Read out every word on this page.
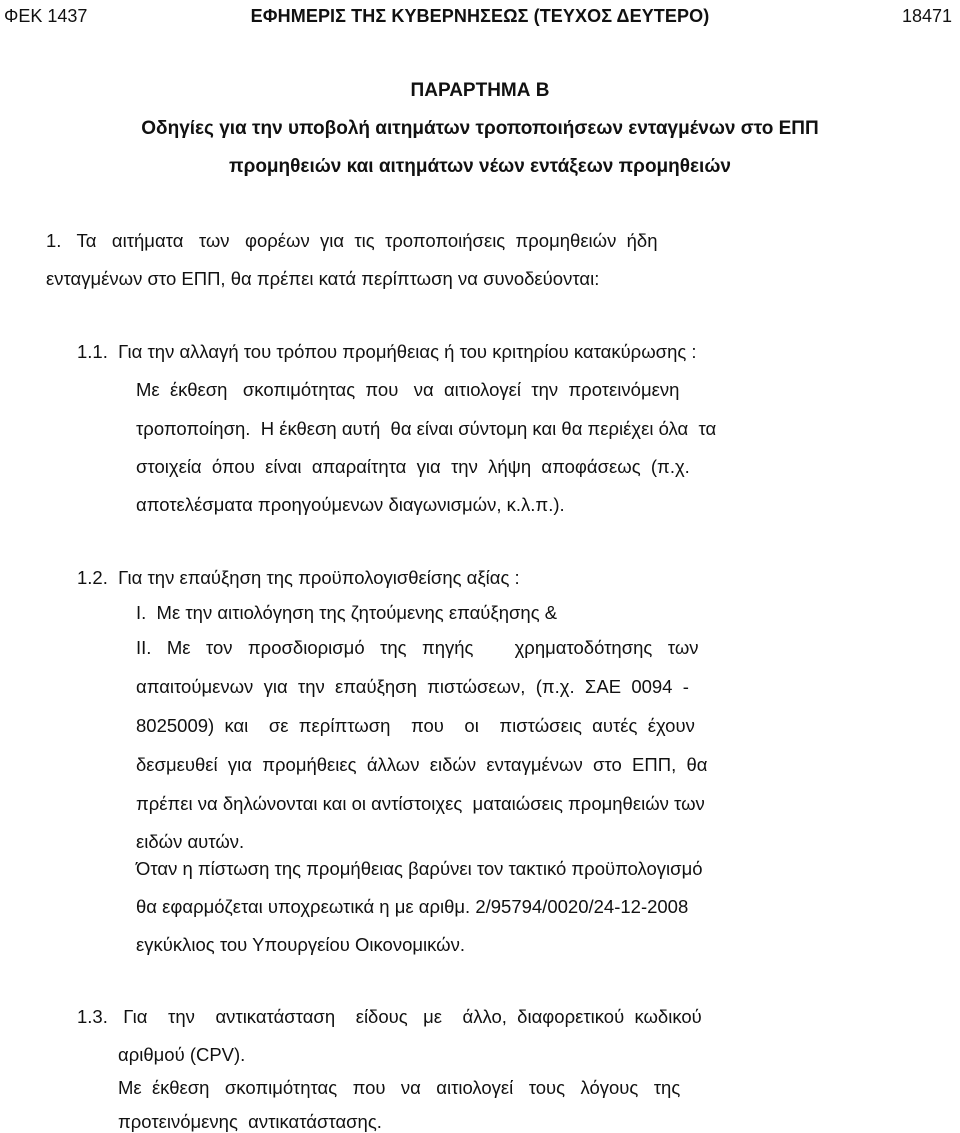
ΕΦΗΜΕΡΙΣ ΤΗΣ ΚΥΒΕΡΝΗΣΕΩΣ (ΤΕΥΧΟΣ ΔΕΥΤΕΡΟ)
ΦΕΚ 1437	18471
ΠΑΡΑΡΤΗΜΑ Β
Οδηγίες για την υποβολή αιτημάτων τροποποιήσεων ενταγμένων στο ΕΠΠ
προμηθειών και αιτημάτων νέων εντάξεων προμηθειών
1.   Τα   αιτήματα   των   φορέων  για  τις  τροποποιήσεις  προμηθειών  ήδη
ενταγμένων στο ΕΠΠ, θα πρέπει κατά περίπτωση να συνοδεύονται:
1.1.  Για την αλλαγή του τρόπου προμήθειας ή του κριτηρίου κατακύρωσης :
Με  έκθεση   σκοπιμότητας  που   να  αιτιολογεί  την  προτεινόμενη
τροποποίηση.  Η έκθεση αυτή  θα είναι σύντομη και θα περιέχει όλα  τα
στοιχεία  όπου  είναι  απαραίτητα  για  την  λήψη  αποφάσεως  (π.χ.
αποτελέσματα προηγούμενων διαγωνισμών, κ.λ.π.).
1.2.  Για την επαύξηση της προϋπολογισθείσης αξίας :
Ι.  Με την αιτιολόγηση της ζητούμενης επαύξησης &
ΙΙ.   Με   τον   προσδιορισμό   της   πηγής        χρηματοδότησης   των
απαιτούμενων  για  την  επαύξηση  πιστώσεων,  (π.χ.  ΣΑΕ  0094  -
8025009)  και    σε  περίπτωση    που    οι    πιστώσεις  αυτές  έχουν
δεσμευθεί  για  προμήθειες  άλλων  ειδών  ενταγμένων  στο  ΕΠΠ,  θα
πρέπει να δηλώνονται και οι αντίστοιχες  ματαιώσεις προμηθειών των
ειδών αυτών.
Όταν η πίστωση της προμήθειας βαρύνει τον τακτικό προϋπολογισμό
θα εφαρμόζεται υποχρεωτικά η με αριθμ. 2/95794/0020/24-12-2008
εγκύκλιος του Υπουργείου Οικονομικών.
1.3.   Για    την    αντικατάσταση    είδους   με    άλλο,  διαφορετικού  κωδικού
αριθμού (CPV).
Με  έκθεση   σκοπιμότητας   που   να   αιτιολογεί   τους   λόγους   της
προτεινόμενης  αντικατάστασης.
